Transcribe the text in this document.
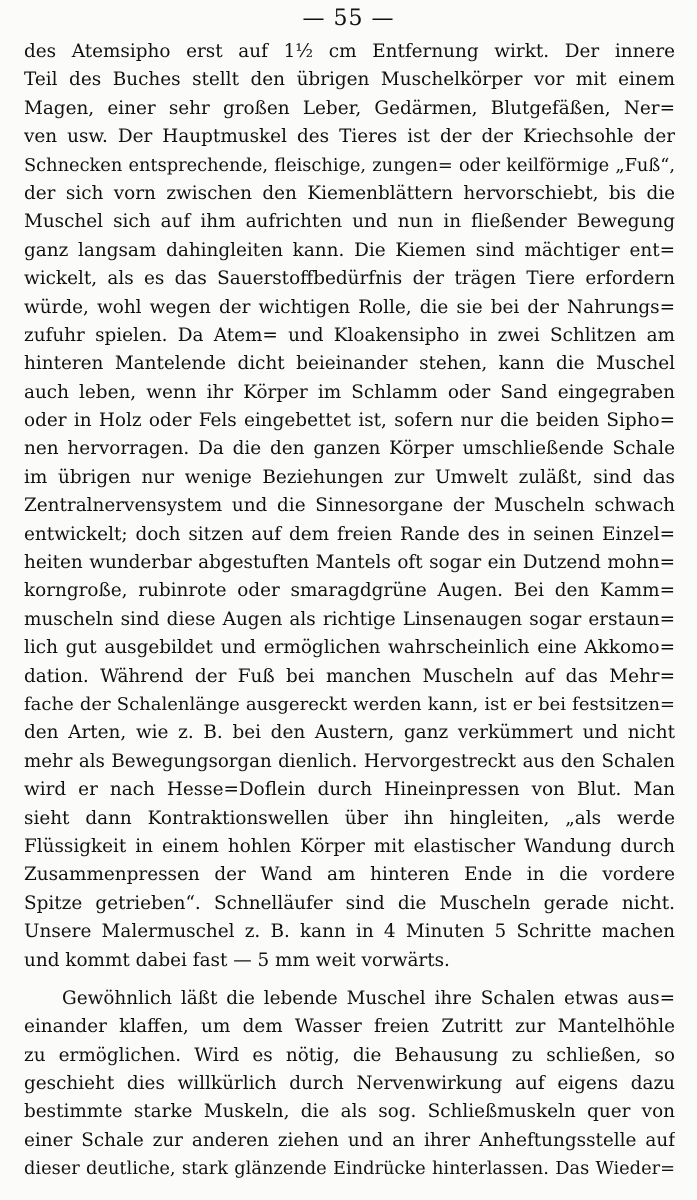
— 55 —
des Atemsipho erst auf 1½ cm Entfernung wirkt. Der innere
Teil des Buches stellt den übrigen Muschelkörper vor mit einem
Magen, einer sehr großen Leber, Gedärmen, Blutgefäßen, Ner=
ven usw. Der Hauptmuskel des Tieres ist der der Kriechsohle der
Schnecken entsprechende, fleischige, zungen= oder keilförmige „Fuß“,
der sich vorn zwischen den Kiemenblättern hervorschiebt, bis die
Muschel sich auf ihm aufrichten und nun in fließender Bewegung
ganz langsam dahingleiten kann. Die Kiemen sind mächtiger ent=
wickelt, als es das Sauerstoffbedürfnis der trägen Tiere erfordern
würde, wohl wegen der wichtigen Rolle, die sie bei der Nahrungs=
zufuhr spielen. Da Atem= und Kloakensipho in zwei Schlitzen am
hinteren Mantelende dicht beieinander stehen, kann die Muschel
auch leben, wenn ihr Körper im Schlamm oder Sand eingegraben
oder in Holz oder Fels eingebettet ist, sofern nur die beiden Sipho=
nen hervorragen. Da die den ganzen Körper umschließende Schale
im übrigen nur wenige Beziehungen zur Umwelt zuläßt, sind das
Zentralnervensystem und die Sinnesorgane der Muscheln schwach
entwickelt; doch sitzen auf dem freien Rande des in seinen Einzel=
heiten wunderbar abgestuften Mantels oft sogar ein Dutzend mohn=
korngroße, rubinrote oder smaragdgrüne Augen. Bei den Kamm=
muscheln sind diese Augen als richtige Linsenaugen sogar erstaun=
lich gut ausgebildet und ermöglichen wahrscheinlich eine Akkomo=
dation. Während der Fuß bei manchen Muscheln auf das Mehr=
fache der Schalenlänge ausgereckt werden kann, ist er bei festsitzen=
den Arten, wie z. B. bei den Austern, ganz verkümmert und nicht
mehr als Bewegungsorgan dienlich. Hervorgestreckt aus den Schalen
wird er nach Hesse=Doflein durch Hineinpressen von Blut. Man
sieht dann Kontraktionswellen über ihn hingleiten, „als werde
Flüssigkeit in einem hohlen Körper mit elastischer Wandung durch
Zusammenpressen der Wand am hinteren Ende in die vordere
Spitze getrieben“. Schnelläufer sind die Muscheln gerade nicht.
Unsere Malermuschel z. B. kann in 4 Minuten 5 Schritte machen
und kommt dabei fast — 5 mm weit vorwärts.
Gewöhnlich läßt die lebende Muschel ihre Schalen etwas aus=
einander klaffen, um dem Wasser freien Zutritt zur Mantelhöhle
zu ermöglichen. Wird es nötig, die Behausung zu schließen, so
geschieht dies willkürlich durch Nervenwirkung auf eigens dazu
bestimmte starke Muskeln, die als sog. Schließmuskeln quer von
einer Schale zur anderen ziehen und an ihrer Anheftungsstelle auf
dieser deutliche, stark glänzende Eindrücke hinterlassen. Das Wieder=
